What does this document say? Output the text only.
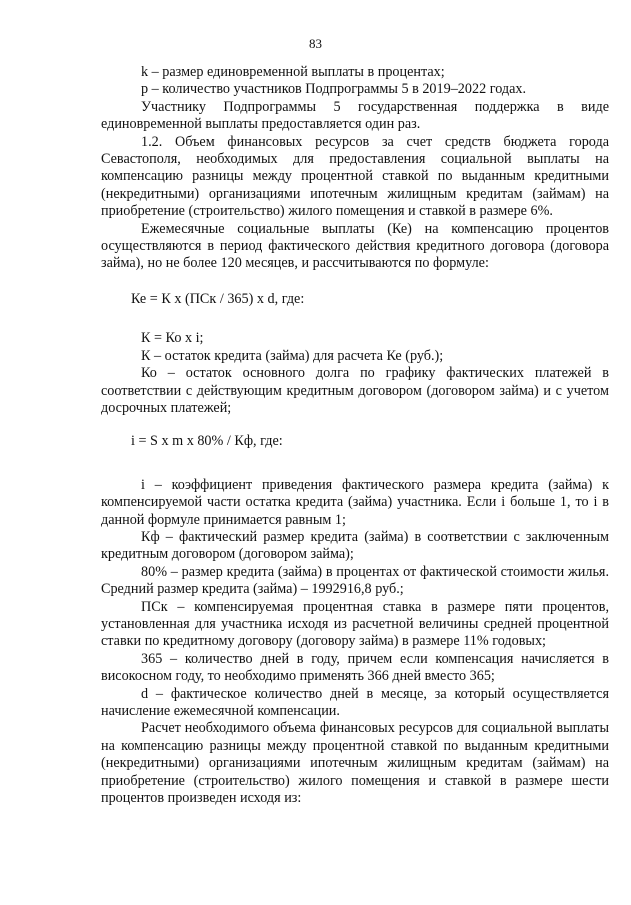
83

k – размер единовременной выплаты в процентах;

р – количество участников Подпрограммы 5 в 2019–2022 годах.

Участнику Подпрограммы 5 государственная поддержка в виде единовременной выплаты предоставляется один раз.

1.2. Объем финансовых ресурсов за счет средств бюджета города Севастополя, необходимых для предоставления социальной выплаты на компенсацию разницы между процентной ставкой по выданным кредитными (некредитными) организациями ипотечным жилищным кредитам (займам) на приобретение (строительство) жилого помещения и ставкой в размере 6%.

Ежемесячные социальные выплаты (Ке) на компенсацию процентов осуществляются в период фактического действия кредитного договора (договора займа), но не более 120 месяцев, и рассчитываются по формуле:

Ке = К x (ПСк / 365) x d, где:

К = Ко x i;

К – остаток кредита (займа) для расчета Ке (руб.);

Ко – остаток основного долга по графику фактических платежей в соответствии с действующим кредитным договором (договором займа) и с учетом досрочных платежей;

i = S x m x 80% / Кф, где:

i – коэффициент приведения фактического размера кредита (займа) к компенсируемой части остатка кредита (займа) участника. Если i больше 1, то i в данной формуле принимается равным 1;

Кф – фактический размер кредита (займа) в соответствии с заключенным кредитным договором (договором займа);

80% – размер кредита (займа) в процентах от фактической стоимости жилья. Средний размер кредита (займа) – 1992916,8 руб.;

ПСк – компенсируемая процентная ставка в размере пяти процентов, установленная для участника исходя из расчетной величины средней процентной ставки по кредитному договору (договору займа) в размере 11% годовых;

365 – количество дней в году, причем если компенсация начисляется в високосном году, то необходимо применять 366 дней вместо 365;

d – фактическое количество дней в месяце, за который осуществляется начисление ежемесячной компенсации.

Расчет необходимого объема финансовых ресурсов для социальной выплаты на компенсацию разницы между процентной ставкой по выданным кредитными (некредитными) организациями ипотечным жилищным кредитам (займам) на приобретение (строительство) жилого помещения и ставкой в размере шести процентов произведен исходя из:
